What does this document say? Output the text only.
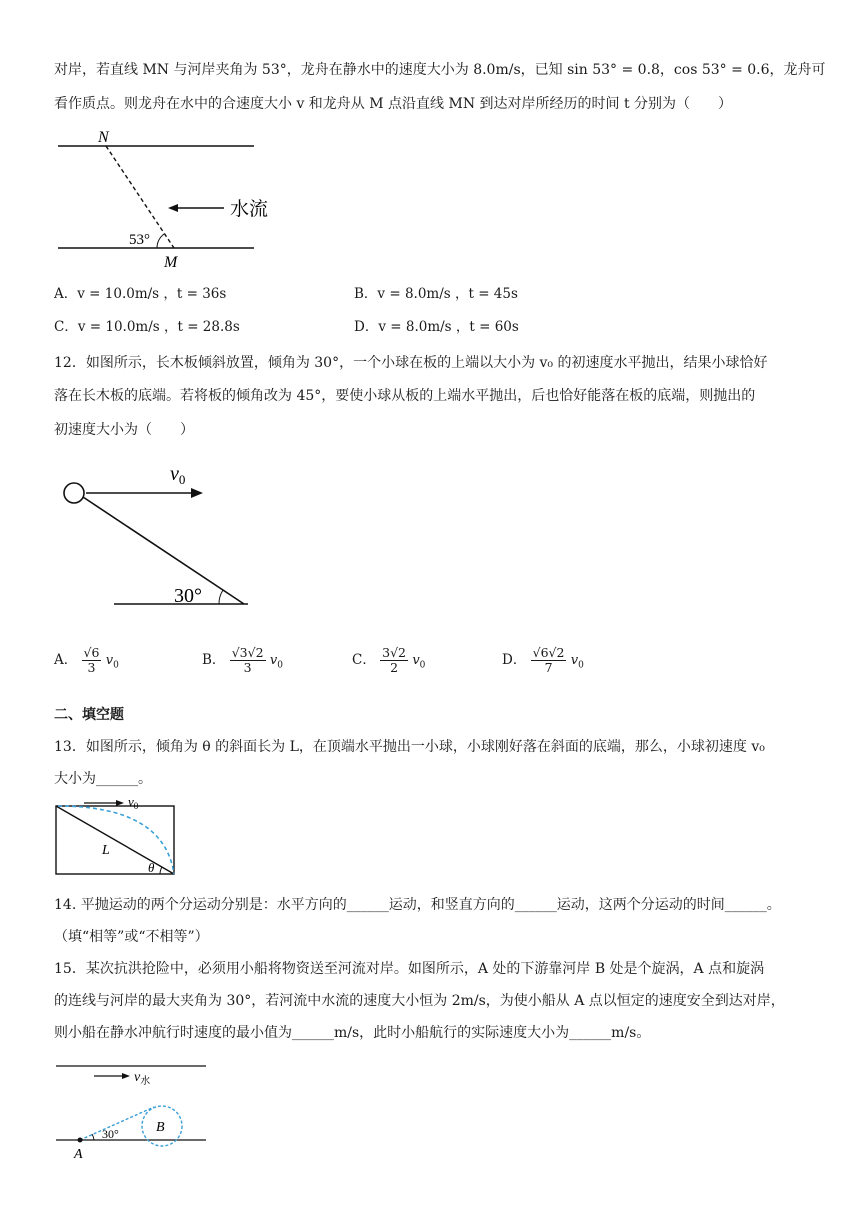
对岸，若直线 MN 与河岸夹角为 53°，龙舟在静水中的速度大小为 8.0m/s，已知 sin 53° = 0.8，cos 53° = 0.6，龙舟可
看作质点。则龙舟在水中的合速度大小 v 和龙舟从 M 点沿直线 MN 到达对岸所经历的时间 t 分别为（　　）
N
M
53°
水流
A．v = 10.0m/s ，t = 36s	B．v = 8.0m/s ，t = 45s
C．v = 10.0m/s ，t = 28.8s	D．v = 8.0m/s ，t = 60s
12．如图所示，长木板倾斜放置，倾角为 30°，一个小球在板的上端以大小为 v₀ 的初速度水平抛出，结果小球恰好
落在长木板的底端。若将板的倾角改为 45°，要使小球从板的上端水平抛出，后也恰好能落在板的底端，则抛出的
初速度大小为（　　）
$v_0$
30°
A． $\frac{√6}{3} v_0$	B． $\frac{√3√2}{3} v_0$	C． $\frac{3√2}{2} v_0$	D． $\frac{√6√2}{7} v_0$
二、填空题
13．如图所示，倾角为 θ 的斜面长为 L，在顶端水平抛出一小球，小球刚好落在斜面的底端，那么，小球初速度 v₀
大小为______。
$v_0$
L
θ
14. 平抛运动的两个分运动分别是：水平方向的______运动，和竖直方向的______运动，这两个分运动的时间______。
（填“相等”或“不相等”）
15．某次抗洪抢险中，必须用小船将物资送至河流对岸。如图所示，A 处的下游靠河岸 B 处是个旋涡，A 点和旋涡
的连线与河岸的最大夹角为 30°，若河流中水流的速度大小恒为 2m/s，为使小船从 A 点以恒定的速度安全到达对岸，
则小船在静水冲航行时速度的最小值为______m/s，此时小船航行的实际速度大小为______m/s。
$v_水$
30°	B
A
